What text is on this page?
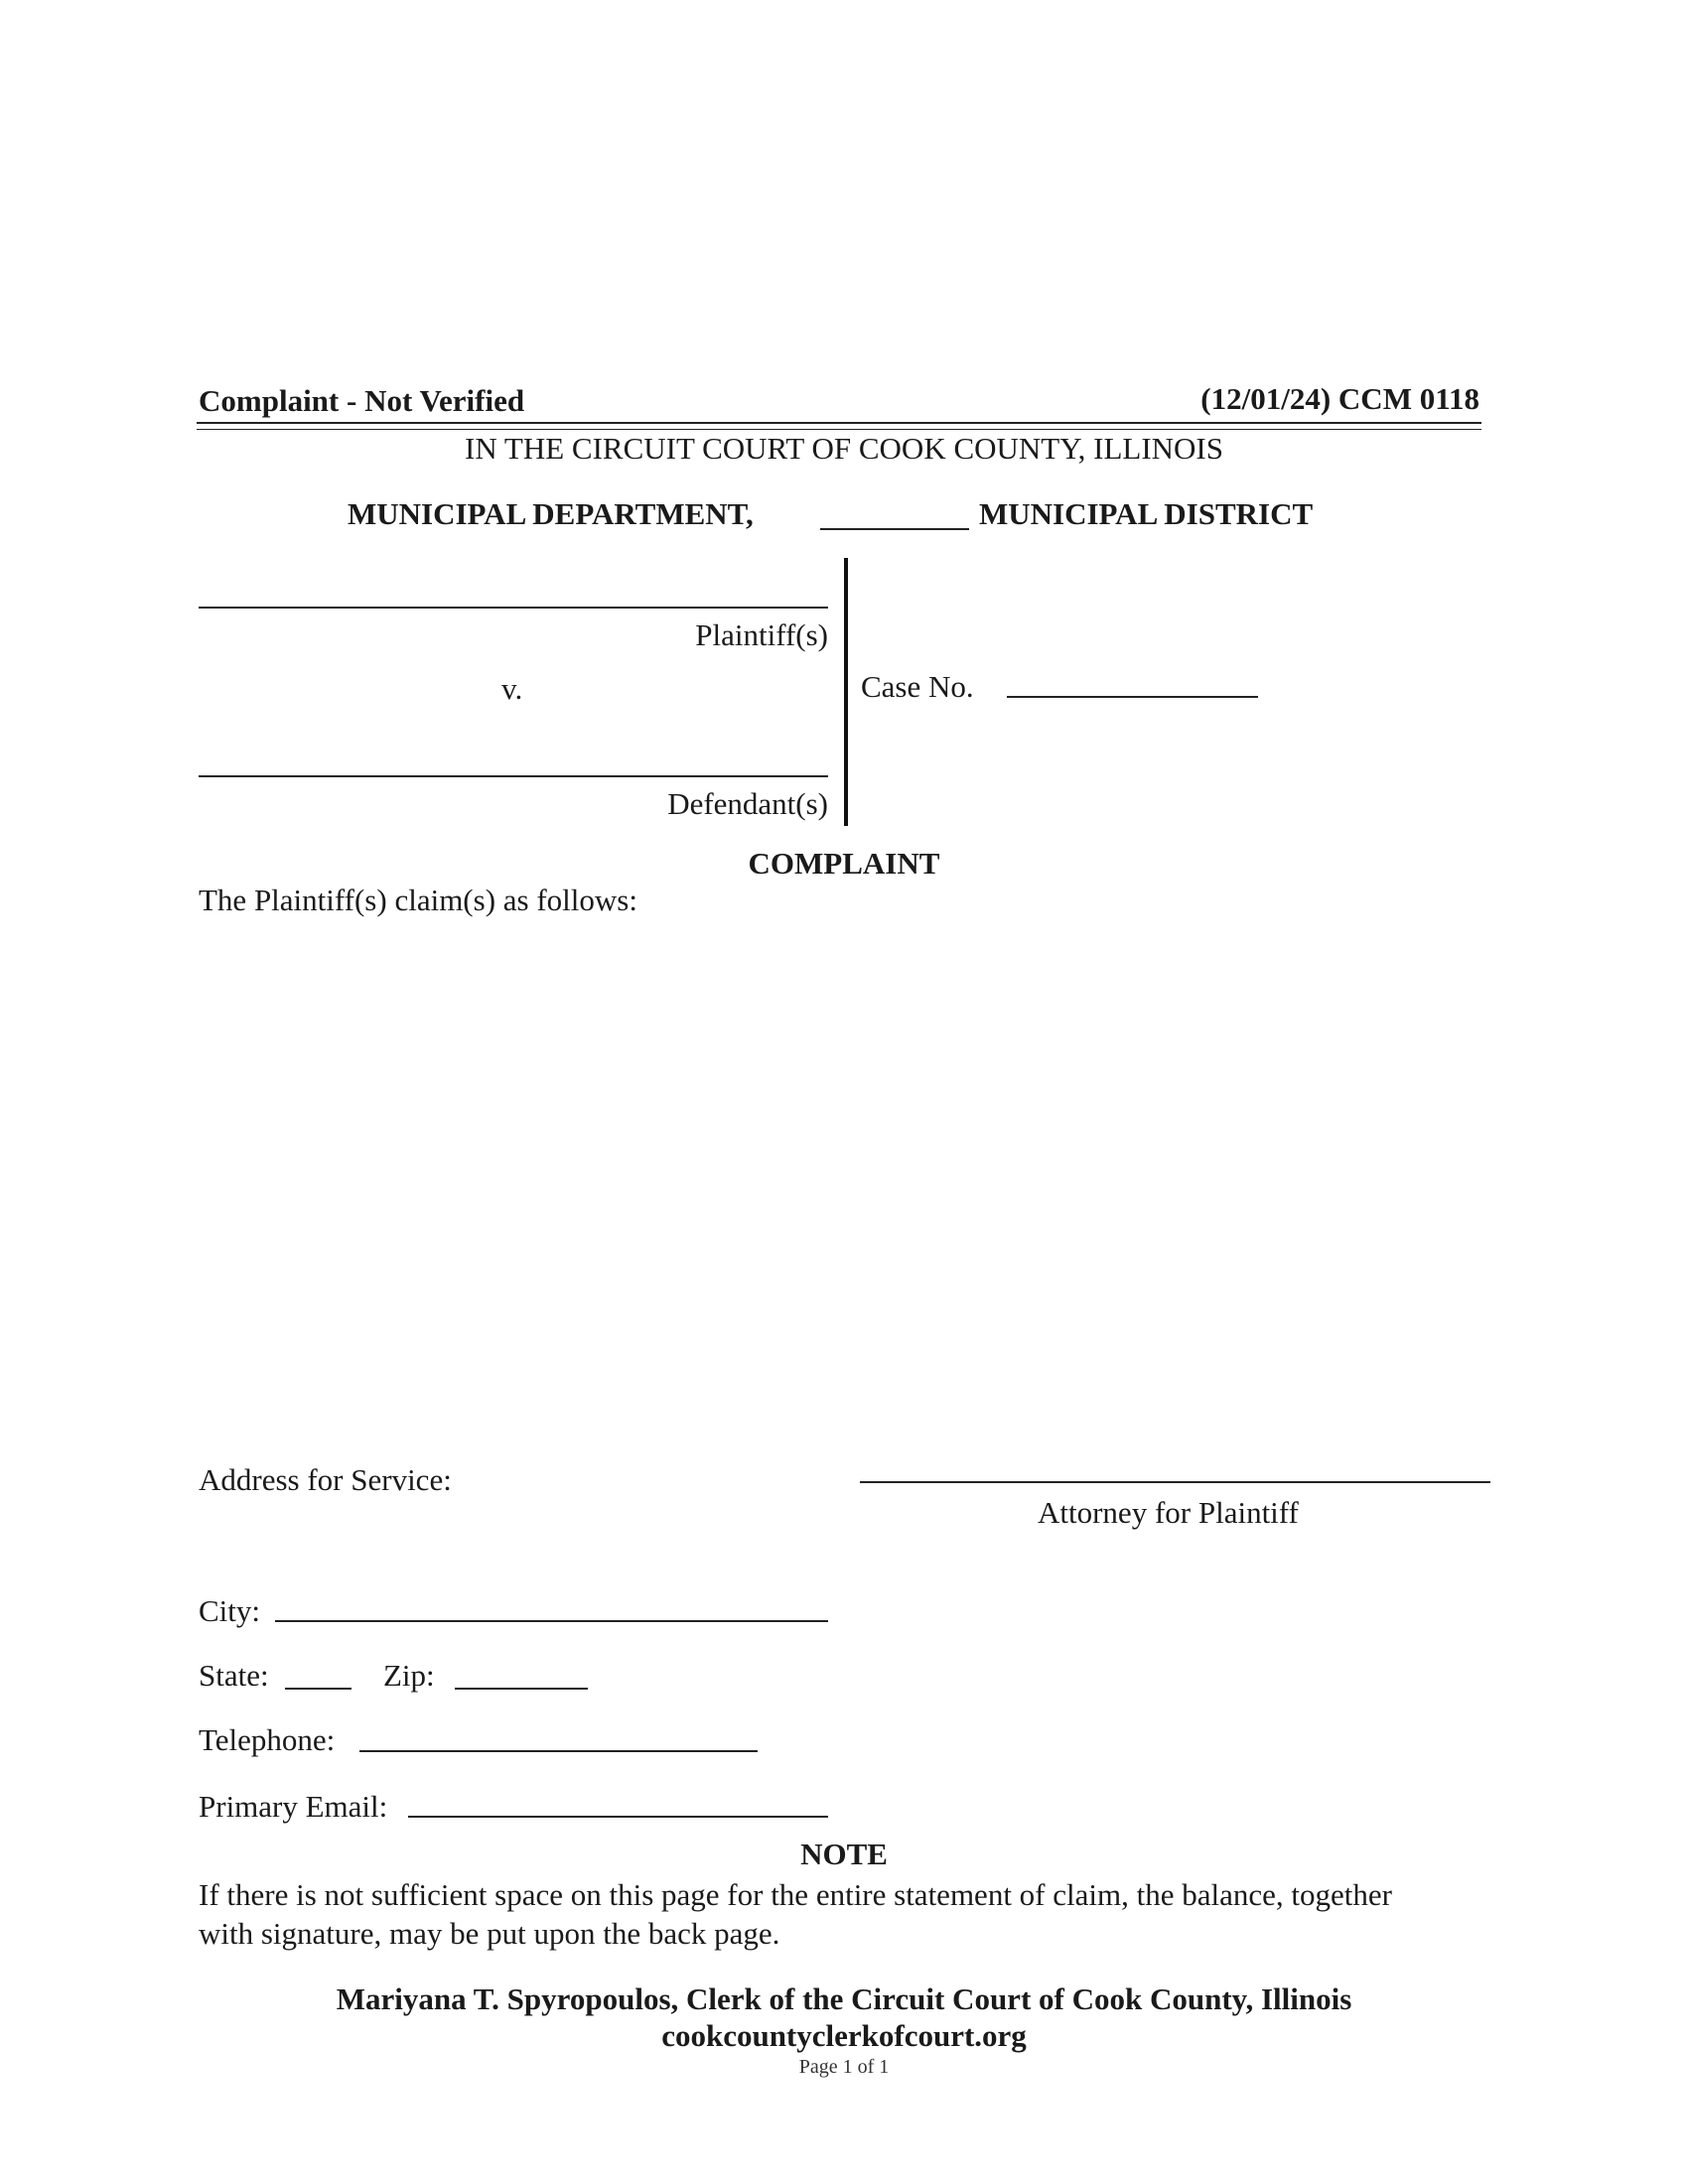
Complaint - Not Verified	(12/01/24) CCM 0118
IN THE CIRCUIT COURT OF COOK COUNTY, ILLINOIS
MUNICIPAL DEPARTMENT,	MUNICIPAL DISTRICT
Plaintiff(s)
v.
Defendant(s)
Case No.
COMPLAINT
The Plaintiff(s) claim(s) as follows:
Address for Service:
Attorney for Plaintiff
City:
State:	Zip:
Telephone:
Primary Email:
NOTE
If there is not sufficient space on this page for the entire statement of claim, the balance, together
with signature, may be put upon the back page.
Mariyana T. Spyropoulos, Clerk of the Circuit Court of Cook County, Illinois
cookcountyclerkofcourt.org
Page 1 of 1
